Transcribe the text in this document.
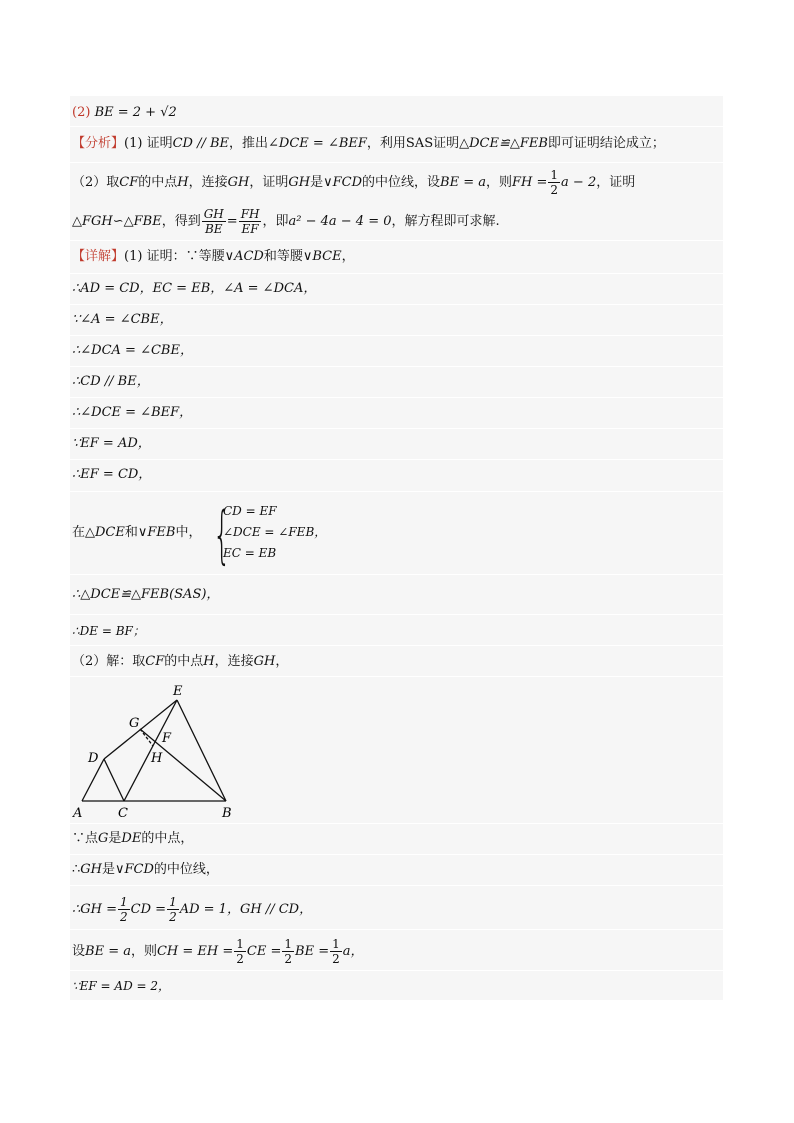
(2) BE = 2 + √2
【分析】(1) 证明CD // BE，推出∠DCE = ∠BEF，利用SAS证明△DCE≌△FEB即可证明结论成立；
（2）取CF的中点H，连接GH，证明GH是∨FCD的中位线，设BE = a，则FH = $\frac{1}{2}$ a − 2，证明
△FGH∽△FBE，得到 $\frac{GH}{BE} = \frac{FH}{EF}$ ，即a² − 4a − 4 = 0，解方程即可求解.
【详解】(1) 证明：∵等腰∨ACD和等腰∨BCE，
∴AD = CD，EC = EB，∠A = ∠DCA，
∵∠A = ∠CBE，
∴∠DCA = ∠CBE，
∴CD // BE，
∴∠DCE = ∠BEF，
∵EF = AD，
∴EF = CD，
在△DCE和∨FEB中， {
CD = EF
∠DCE = ∠FEB，
EC = EB
∴△DCE≌△FEB(SAS)，
∴DE = BF；
（2）解：取CF的中点H，连接GH，
E
G
F
D	H
A	C	B
∵点G是DE的中点，
∴GH是∨FCD的中位线，
∴GH = $\frac{1}{2}$ CD = $\frac{1}{2}$ AD = 1，GH // CD，
设BE = a，则CH = EH = $\frac{1}{2}$ CE = $\frac{1}{2}$ BE = $\frac{1}{2}$ a，
∵EF = AD = 2，
